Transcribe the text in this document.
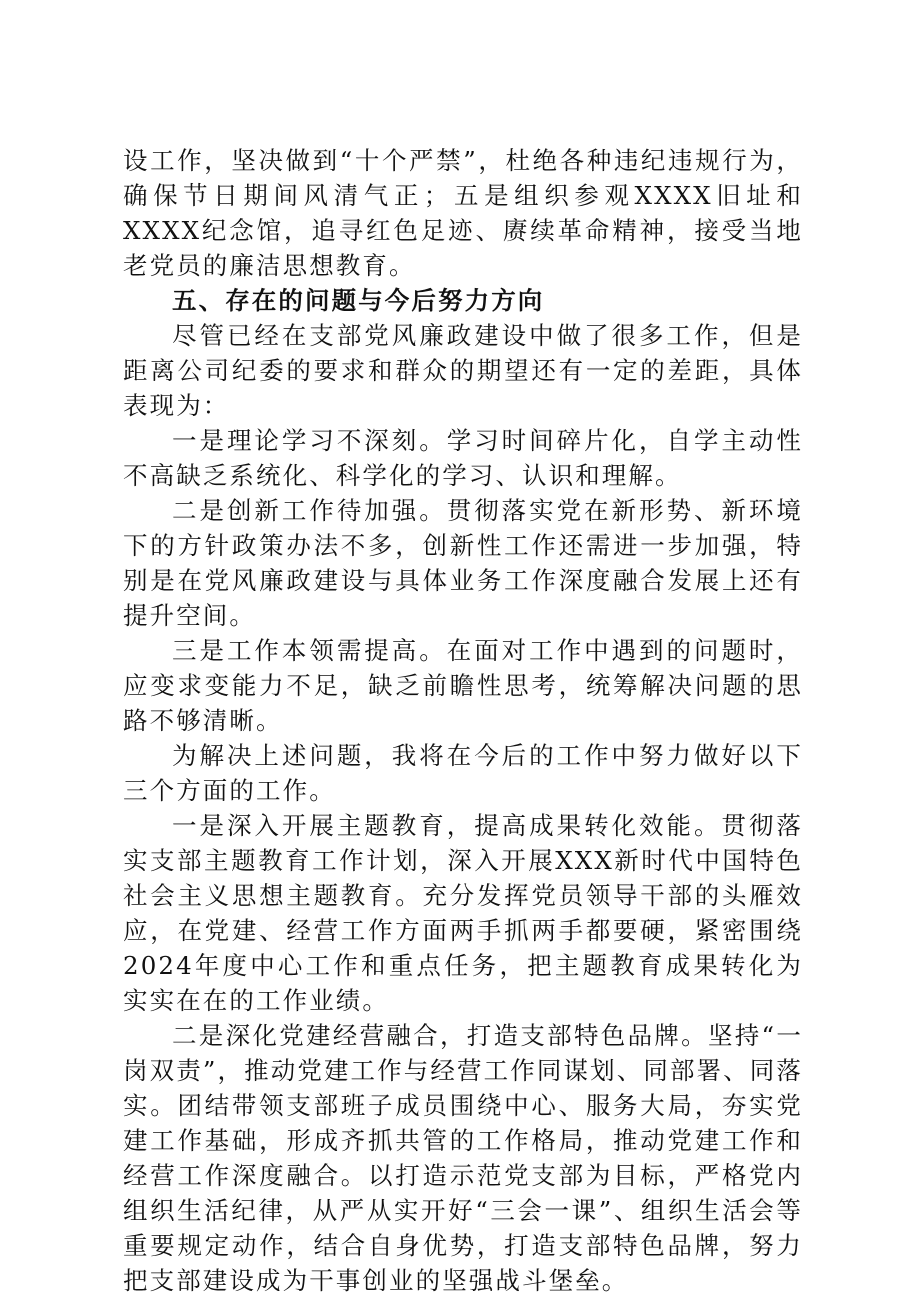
设工作，坚决做到“十个严禁”，杜绝各种违纪违规行为，确保节日期间风清气正；五是组织参观XXXX旧址和XXXX纪念馆，追寻红色足迹、赓续革命精神，接受当地老党员的廉洁思想教育。

五、存在的问题与今后努力方向

尽管已经在支部党风廉政建设中做了很多工作，但是距离公司纪委的要求和群众的期望还有一定的差距，具体表现为：

一是理论学习不深刻。学习时间碎片化，自学主动性不高缺乏系统化、科学化的学习、认识和理解。

二是创新工作待加强。贯彻落实党在新形势、新环境下的方针政策办法不多，创新性工作还需进一步加强，特别是在党风廉政建设与具体业务工作深度融合发展上还有提升空间。

三是工作本领需提高。在面对工作中遇到的问题时，应变求变能力不足，缺乏前瞻性思考，统筹解决问题的思路不够清晰。

为解决上述问题，我将在今后的工作中努力做好以下三个方面的工作。

一是深入开展主题教育，提高成果转化效能。贯彻落实支部主题教育工作计划，深入开展XXX新时代中国特色社会主义思想主题教育。充分发挥党员领导干部的头雁效应，在党建、经营工作方面两手抓两手都要硬，紧密围绕2024年度中心工作和重点任务，把主题教育成果转化为实实在在的工作业绩。

二是深化党建经营融合，打造支部特色品牌。坚持“一岗双责”，推动党建工作与经营工作同谋划、同部署、同落实。团结带领支部班子成员围绕中心、服务大局，夯实党建工作基础，形成齐抓共管的工作格局，推动党建工作和经营工作深度融合。以打造示范党支部为目标，严格党内组织生活纪律，从严从实开好“三会一课”、组织生活会等重要规定动作，结合自身优势，打造支部特色品牌，努力把支部建设成为干事创业的坚强战斗堡垒。
